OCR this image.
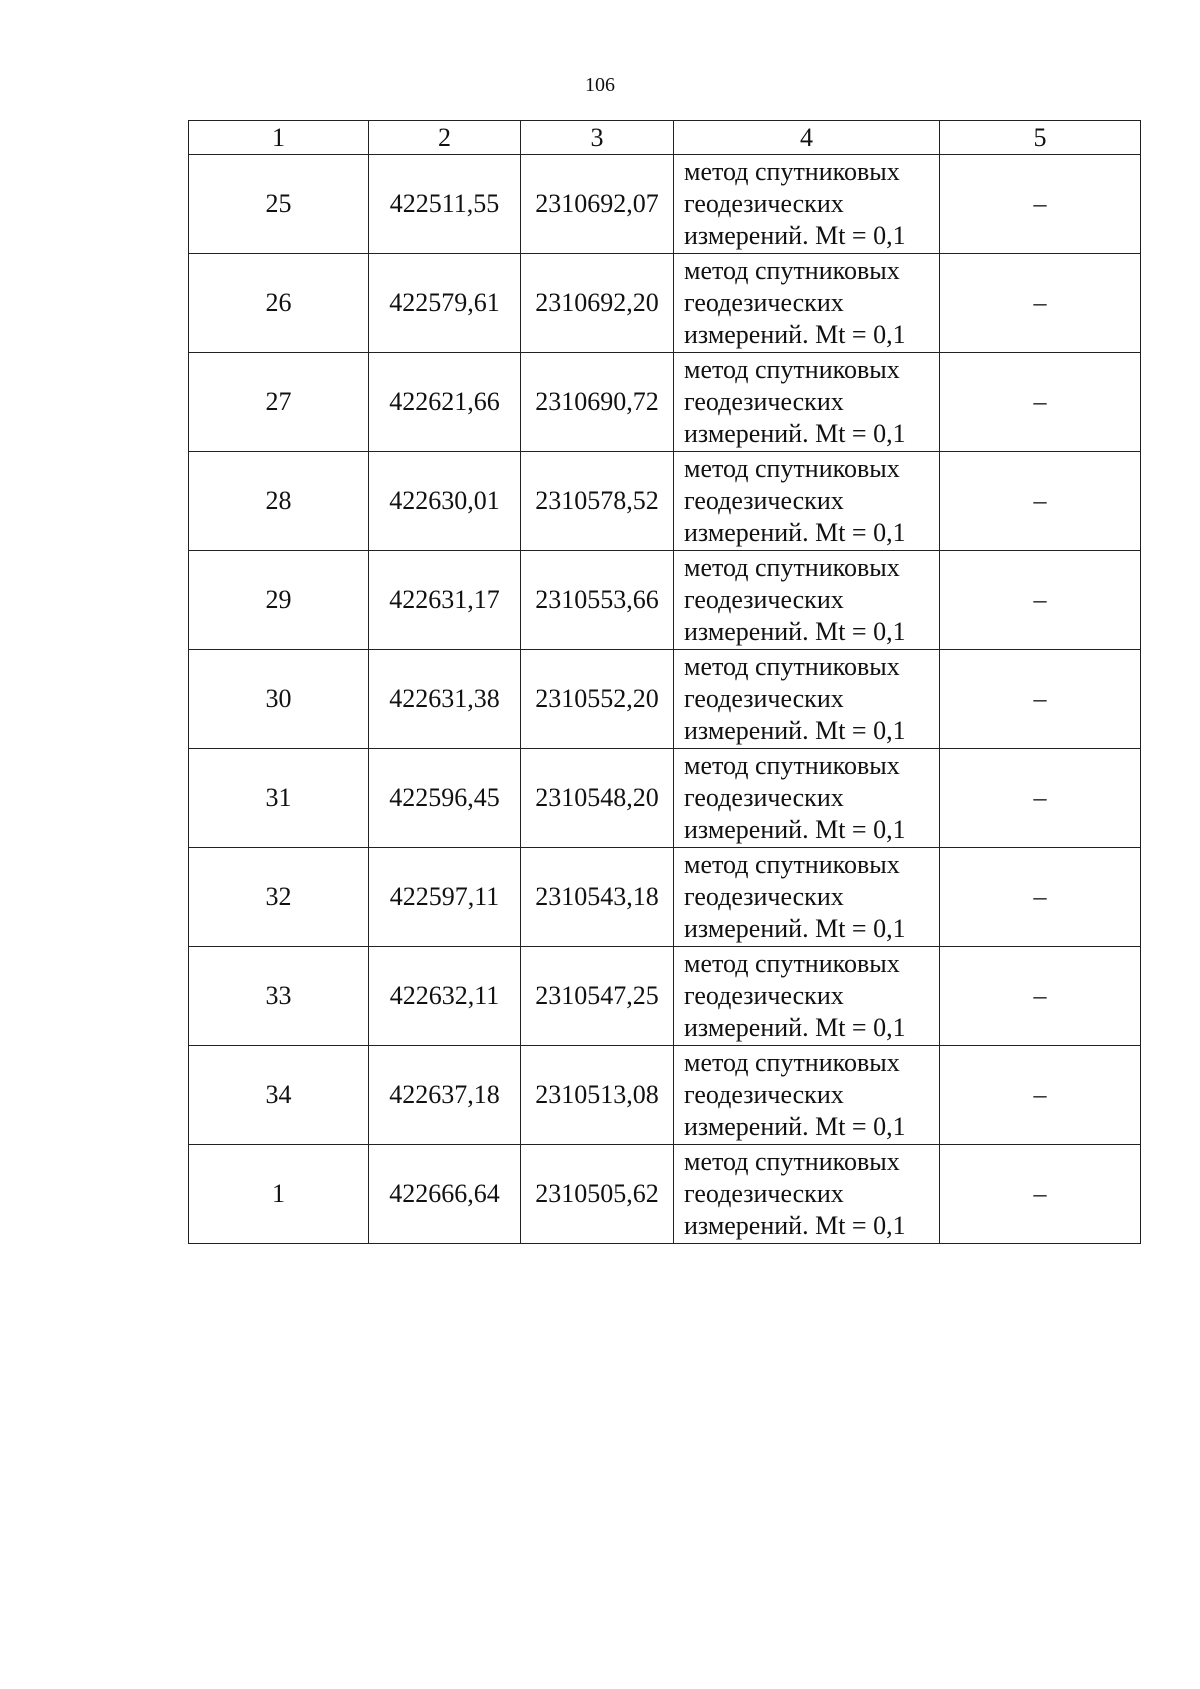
106
1	2	3	4	5
25	422511,55	2310692,07	метод спутниковых
геодезических
измерений. Mt = 0,1	–
26	422579,61	2310692,20	метод спутниковых
геодезических
измерений. Mt = 0,1	–
27	422621,66	2310690,72	метод спутниковых
геодезических
измерений. Mt = 0,1	–
28	422630,01	2310578,52	метод спутниковых
геодезических
измерений. Mt = 0,1	–
29	422631,17	2310553,66	метод спутниковых
геодезических
измерений. Mt = 0,1	–
30	422631,38	2310552,20	метод спутниковых
геодезических
измерений. Mt = 0,1	–
31	422596,45	2310548,20	метод спутниковых
геодезических
измерений. Mt = 0,1	–
32	422597,11	2310543,18	метод спутниковых
геодезических
измерений. Mt = 0,1	–
33	422632,11	2310547,25	метод спутниковых
геодезических
измерений. Mt = 0,1	–
34	422637,18	2310513,08	метод спутниковых
геодезических
измерений. Mt = 0,1	–
1	422666,64	2310505,62	метод спутниковых
геодезических
измерений. Mt = 0,1	–
